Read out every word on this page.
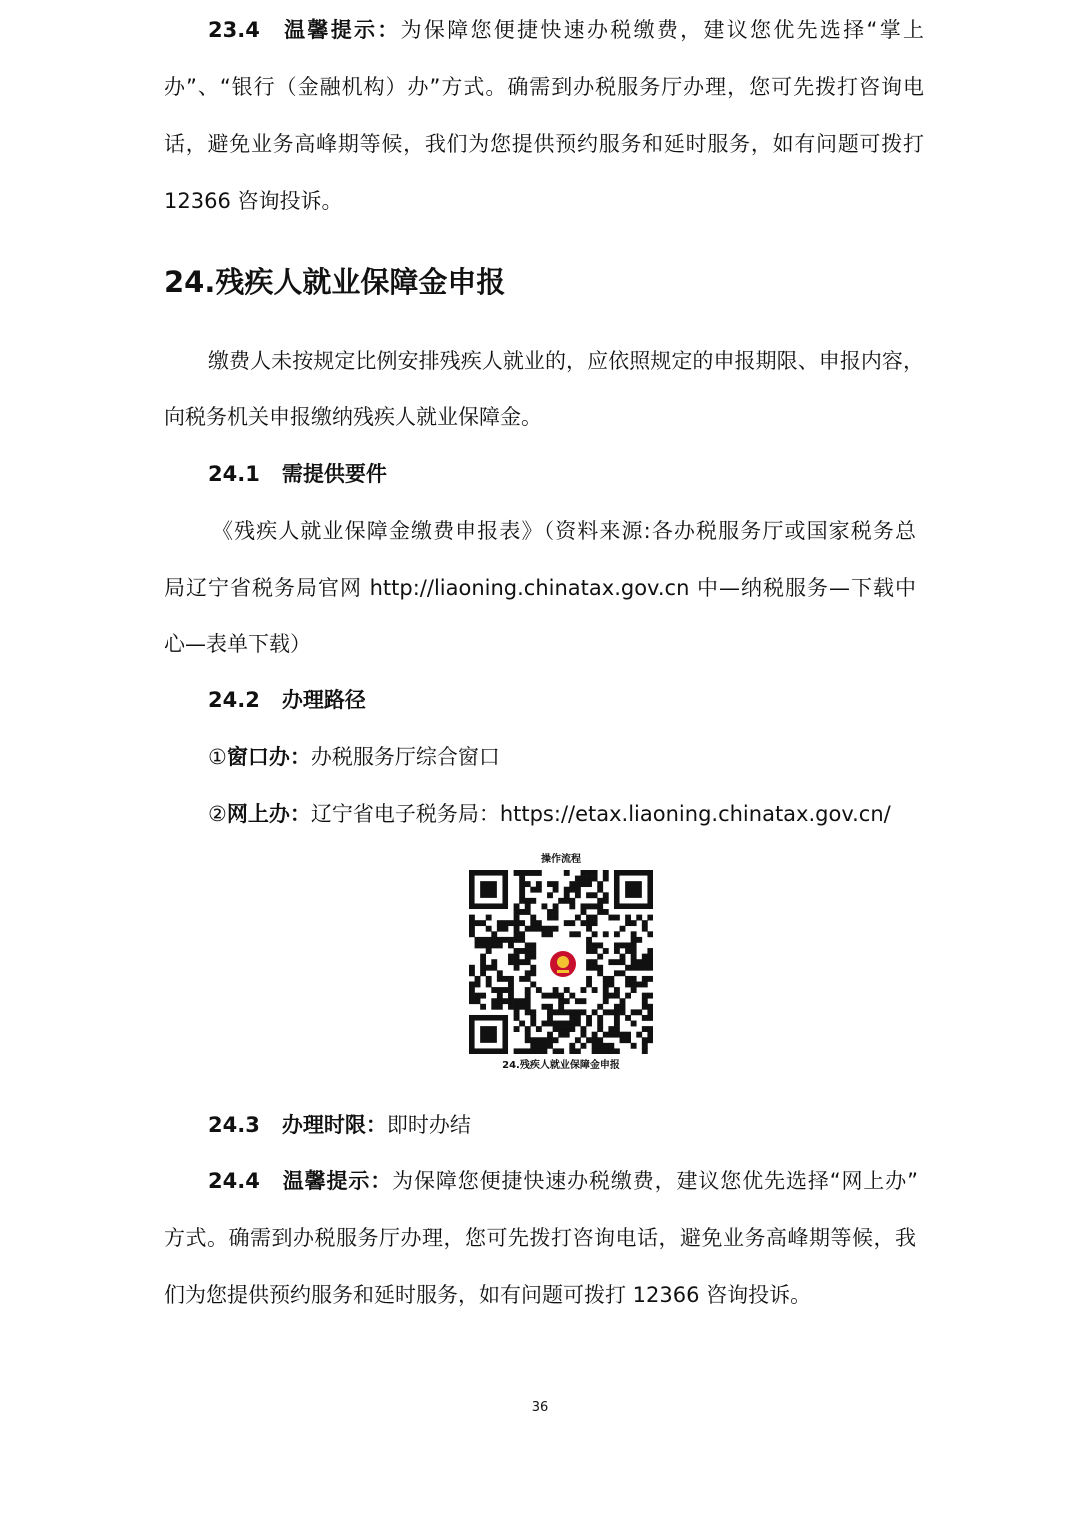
23.4 温馨提示：为保障您便捷快速办税缴费，建议您优先选择“掌上
办”、“银行（金融机构）办”方式。确需到办税服务厅办理，您可先拨打咨询电
话，避免业务高峰期等候，我们为您提供预约服务和延时服务，如有问题可拨打
12366 咨询投诉。
24.残疾人就业保障金申报
缴费人未按规定比例安排残疾人就业的，应依照规定的申报期限、申报内容，
向税务机关申报缴纳残疾人就业保障金。
24.1 需提供要件
《残疾人就业保障金缴费申报表》（资料来源:各办税服务厅或国家税务总
局辽宁省税务局官网 http://liaoning.chinatax.gov.cn 中—纳税服务—下载中
心—表单下载）
24.2 办理路径
①窗口办：办税服务厅综合窗口
②网上办：辽宁省电子税务局：https://etax.liaoning.chinatax.gov.cn/
操作流程
24.残疾人就业保障金申报
24.3 办理时限：即时办结
24.4 温馨提示：为保障您便捷快速办税缴费，建议您优先选择“网上办”
方式。确需到办税服务厅办理，您可先拨打咨询电话，避免业务高峰期等候，我
们为您提供预约服务和延时服务，如有问题可拨打 12366 咨询投诉。
36
